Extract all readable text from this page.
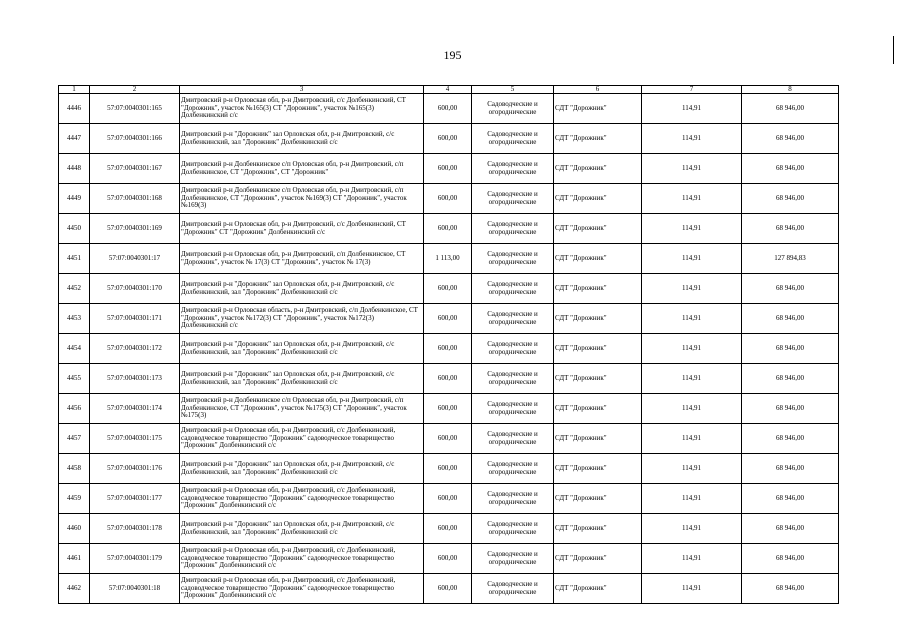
195
1	2	3	4	5	6	7	8
4446	57:07:0040301:165	Дмитровский р-н Орловская обл, р-н Дмитровский, с/с Долбенкинский, СТ "Дорожник", участок №165(3) СТ "Дорожник", участок №165(3) Долбенкинский с/с	600,00	Садоводческие и огороднические	СДТ "Дорожник"	114,91	68 946,00
4447	57:07:0040301:166	Дмитровский р-н "Дорожник" зал Орловская обл, р-н Дмитровский, с/с Долбенкинский, зал "Дорожник" Долбенкинский с/с	600,00	Садоводческие и огороднические	СДТ "Дорожник"	114,91	68 946,00
4448	57:07:0040301:167	Дмитровский р-н Долбенкинское с/п Орловская обл, р-н Дмитровский, с/п Долбенкинское, СТ "Дорожник", СТ "Дорожник"	600,00	Садоводческие и огороднические	СДТ "Дорожник"	114,91	68 946,00
4449	57:07:0040301:168	Дмитровский р-н Долбенкинское с/п Орловская обл, р-н Дмитровский, с/п Долбенкинское, СТ "Дорожник", участок №169(3) СТ "Дорожник", участок №169(3)	600,00	Садоводческие и огороднические	СДТ "Дорожник"	114,91	68 946,00
4450	57:07:0040301:169	Дмитровский р-н Орловская обл, р-н Дмитровский, с/с Долбенкинский, СТ "Дорожник" СТ "Дорожник" Долбенкинский с/с	600,00	Садоводческие и огороднические	СДТ "Дорожник"	114,91	68 946,00
4451	57:07:0040301:17	Дмитровский р-н Орловская обл, р-н Дмитровский, с/п Долбенкинское, СТ "Дорожник", участок № 17(3) СТ "Дорожник", участок № 17(3)	1 113,00	Садоводческие и огороднические	СДТ "Дорожник"	114,91	127 894,83
4452	57:07:0040301:170	Дмитровский р-н "Дорожник" зал Орловская обл, р-н Дмитровский, с/с Долбенкинский, зал "Дорожник" Долбенкинский с/с	600,00	Садоводческие и огороднические	СДТ "Дорожник"	114,91	68 946,00
4453	57:07:0040301:171	Дмитровский р-н Орловская область, р-н Дмитровский, с/п Долбенкинское, СТ "Дорожник", участок №172(3) СТ "Дорожник", участок №172(3) Долбенкинский с/с	600,00	Садоводческие и огороднические	СДТ "Дорожник"	114,91	68 946,00
4454	57:07:0040301:172	Дмитровский р-н "Дорожник" зал Орловская обл, р-н Дмитровский, с/с Долбенкинский, зал "Дорожник" Долбенкинский с/с	600,00	Садоводческие и огороднические	СДТ "Дорожник"	114,91	68 946,00
4455	57:07:0040301:173	Дмитровский р-н "Дорожник" зал Орловская обл, р-н Дмитровский, с/с Долбенкинский, зал "Дорожник" Долбенкинский с/с	600,00	Садоводческие и огороднические	СДТ "Дорожник"	114,91	68 946,00
4456	57:07:0040301:174	Дмитровский р-н Долбенкинское с/п Орловская обл, р-н Дмитровский, с/п Долбенкинское, СТ "Дорожник", участок №175(3) СТ "Дорожник", участок №175(3)	600,00	Садоводческие и огороднические	СДТ "Дорожник"	114,91	68 946,00
4457	57:07:0040301:175	Дмитровский р-н Орловская обл, р-н Дмитровский, с/с Долбенкинский, садоводческое товарищество "Дорожник" садоводческое товарищество "Дорожник" Долбенкинский с/с	600,00	Садоводческие и огороднические	СДТ "Дорожник"	114,91	68 946,00
4458	57:07:0040301:176	Дмитровский р-н "Дорожник" зал Орловская обл, р-н Дмитровский, с/с Долбенкинский, зал "Дорожник" Долбенкинский с/с	600,00	Садоводческие и огороднические	СДТ "Дорожник"	114,91	68 946,00
4459	57:07:0040301:177	Дмитровский р-н Орловская обл, р-н Дмитровский, с/с Долбенкинский, садоводческое товарищество "Дорожник" садоводческое товарищество "Дорожник" Долбенкинский с/с	600,00	Садоводческие и огороднические	СДТ "Дорожник"	114,91	68 946,00
4460	57:07:0040301:178	Дмитровский р-н "Дорожник" зал Орловская обл, р-н Дмитровский, с/с Долбенкинский, зал "Дорожник" Долбенкинский с/с	600,00	Садоводческие и огороднические	СДТ "Дорожник"	114,91	68 946,00
4461	57:07:0040301:179	Дмитровский р-н Орловская обл, р-н Дмитровский, с/с Долбенкинский, садоводческое товарищество "Дорожник" садоводческое товарищество "Дорожник" Долбенкинский с/с	600,00	Садоводческие и огороднические	СДТ "Дорожник"	114,91	68 946,00
4462	57:07:0040301:18	Дмитровский р-н Орловская обл, р-н Дмитровский, с/с Долбенкинский, садоводческое товарищество "Дорожник" садоводческое товарищество "Дорожник" Долбенкинский с/с	600,00	Садоводческие и огороднические	СДТ "Дорожник"	114,91	68 946,00
